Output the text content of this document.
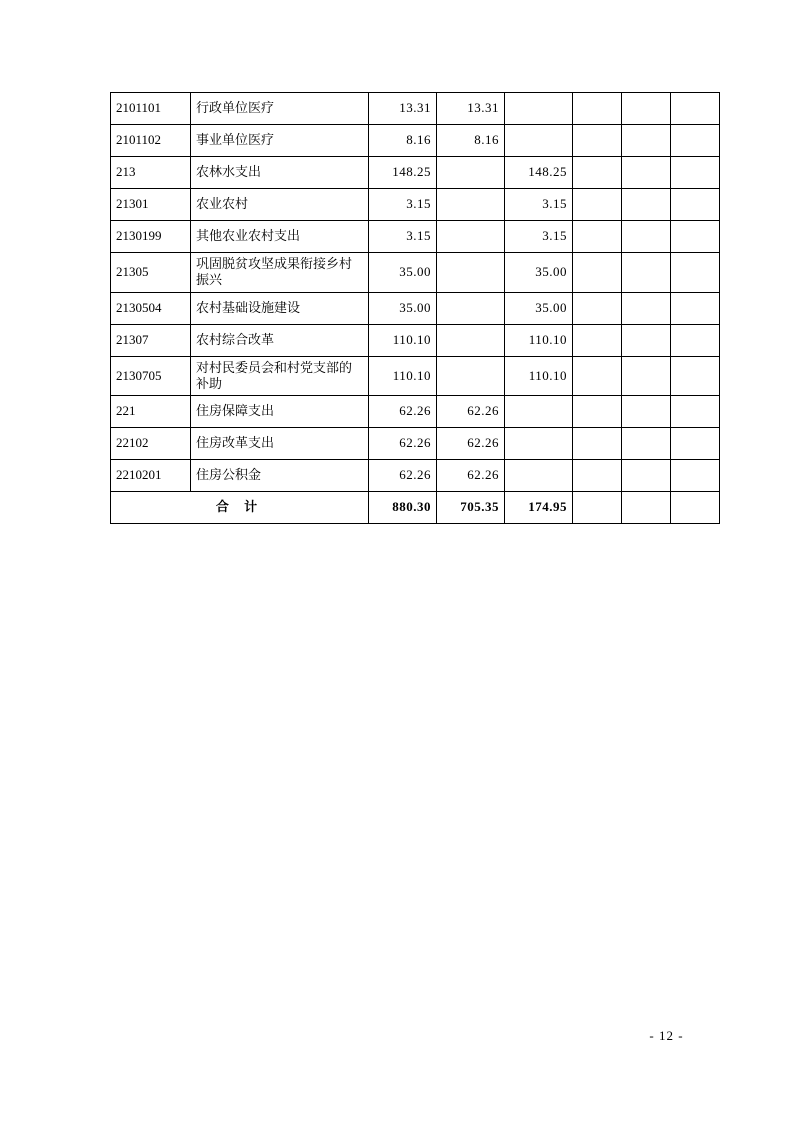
2101101	行政单位医疗	13.31	13.31				
2101102	事业单位医疗	8.16	8.16				
213	农林水支出	148.25		148.25			
21301	农业农村	3.15		3.15			
2130199	其他农业农村支出	3.15		3.15			
21305	巩固脱贫攻坚成果衔接乡村振兴	35.00		35.00			
2130504	农村基础设施建设	35.00		35.00			
21307	农村综合改革	110.10		110.10			
2130705	对村民委员会和村党支部的补助	110.10		110.10			
221	住房保障支出	62.26	62.26				
22102	住房改革支出	62.26	62.26				
2210201	住房公积金	62.26	62.26				
合 计		880.30	705.35	174.95			
- 12 -
